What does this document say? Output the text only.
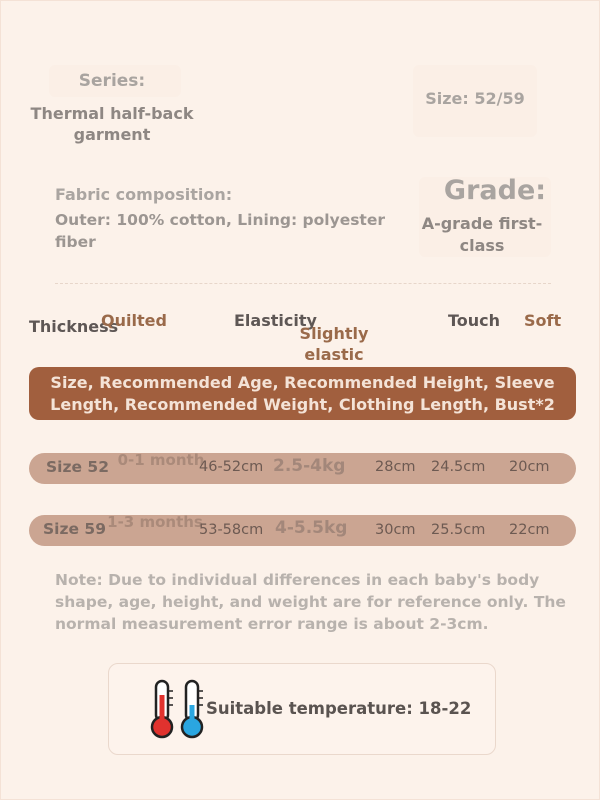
Series:
Thermal half-back garment
Size: 52/59
Fabric composition:
Outer: 100% cotton, Lining: polyester fiber
Grade:
A-grade first-class
Thickness
Quilted	Elasticity
Slightly elastic
Touch Soft
Size, Recommended Age, Recommended Height, Sleeve Length, Recommended Weight, Clothing Length, Bust*2
Size 52 0-1 month
46-52cm 2.5-4kg 28cm 24.5cm 20cm
Size 59 1-3 months
53-58cm 4-5.5kg 30cm 25.5cm 22cm
Note: Due to individual differences in each baby's body shape, age, height, and weight are for reference only. The normal measurement error range is about 2-3cm.
Suitable temperature: 18-22
